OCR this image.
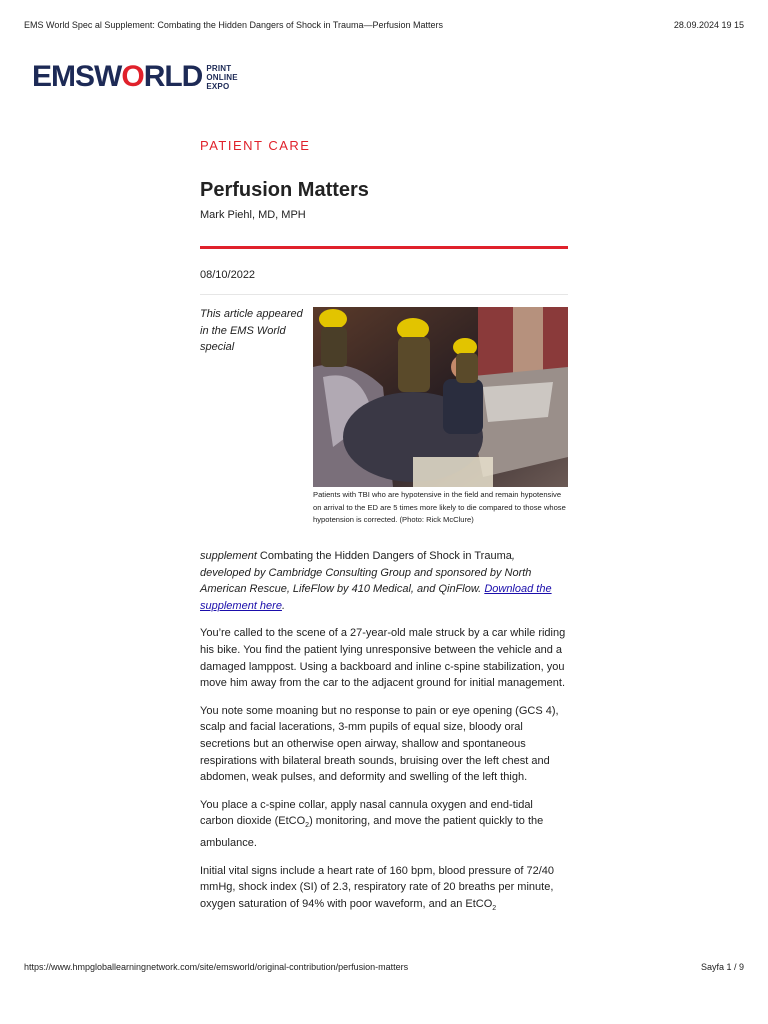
EMS World Spec al Supplement: Combating the Hidden Dangers of Shock in Trauma—Perfusion Matters	28.09.2024 19 15
EMSWORLD PRINT
ONLINE
EXPO

PATIENT CARE

Perfusion Matters
Mark Piehl, MD, MPH
08/10/2022
This article appeared in the EMS World special
Patients with TBI who are hypotensive in the field and remain hypotensive on arrival to the ED are 5 times more likely to die compared to those whose hypotension is corrected. (Photo: Rick McClure)

supplement Combating the Hidden Dangers of Shock in Trauma, developed by Cambridge Consulting Group and sponsored by North American Rescue, LifeFlow by 410 Medical, and QinFlow. Download the supplement here.

You’re called to the scene of a 27-year-old male struck by a car while riding his bike. You find the patient lying unresponsive between the vehicle and a damaged lamppost. Using a backboard and inline c-spine stabilization, you move him away from the car to the adjacent ground for initial management.

You note some moaning but no response to pain or eye opening (GCS 4), scalp and facial lacerations, 3-mm pupils of equal size, bloody oral secretions but an otherwise open airway, shallow and spontaneous respirations with bilateral breath sounds, bruising over the left chest and abdomen, weak pulses, and deformity and swelling of the left thigh.

You place a c-spine collar, apply nasal cannula oxygen and end-tidal carbon dioxide (EtCO$_2$) monitoring, and move the patient quickly to the ambulance.

Initial vital signs include a heart rate of 160 bpm, blood pressure of 72/40 mmHg, shock index (SI) of 2.3, respiratory rate of 20 breaths per minute, oxygen saturation of 94% with poor waveform, and an EtCO$_2$

https://www.hmpgloballearningnetwork.com/site/emsworld/original-contribution/perfusion-matters	Sayfa 1 / 9
